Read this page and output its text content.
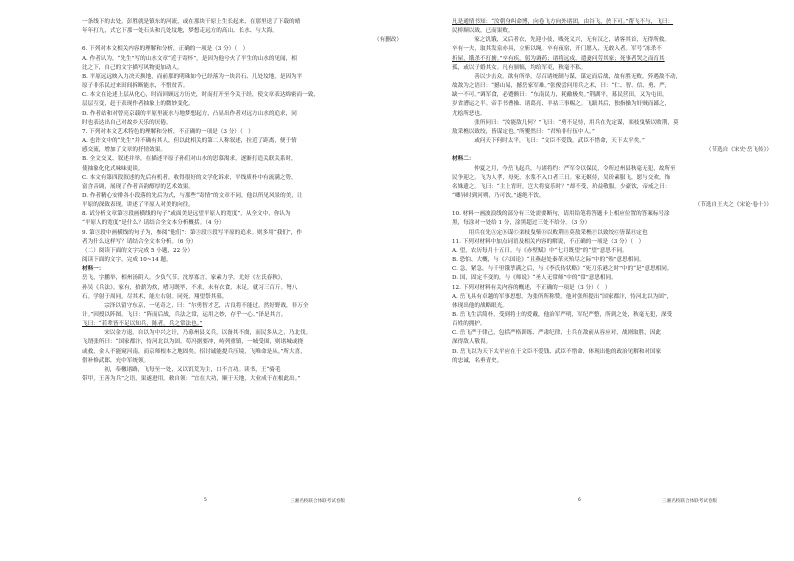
一条线下的去处，彭胜就是镇东的河流，或在那块干原上生长起来，在那里送了下载的晴
年年打九，式它下那一处石头和几处坟地，梦想走远方的高山、长水、与大海。
（有删改）
6. 下列对本文相关内容的理解和分析，正确的一项是（3 分）（　）
A. 作者认为，“先生”写的山水文章“近于寄怀”，是因为他兮火了平生的山水的见闻，相
比之下，自己的文字描写风物更加动人。
B. 平原远远映入力决天换地，而前那的明珠如今已经落为一块岩石、几处坟地，是因为平
原子非乐民过来田间拆断能水，不惜贫苦。
C. 本文在论述上层从化心，时而回顾远方历史，时而打开至今关于经，使文章表达绵密而一致，
层层互变，赶于表现作者抽象上的微妙变化。
D. 作者站和对曾亮京载的平原里流水与地梦想起方，凸显出作者对远方山水的追求，同
时也表达出自己对故乡天乐的厌倦。
7. 下列对本文艺术特色的理解和分析，不正确的一项是（3 分）（　）
A. 也许文中的“先生”并不确有其人，但以此相关的第二人称叙述，拉近了距离，便于情
感交流，增加了文章的抒情效果。
B. 全文交叉、叙述并举，在描述平原子孙们对山水的思慕渴求，逐渐打造关联关系时，
使抽象化化式味味更谈。
C. 本文有第四段叙述的先后有机者，收得很好的文学化诉求，平线质朴中有流满之势，
富含音调，展现了作者音韵醇厚的艺术效果。
D. 作者精心安排各小段落的先后为式，与那些“寄情”的文章不同，他以所见风景的美，让
平原的深致表现，讲述了平原人对美的向往。
8. 试分析文章第③段画横线的句子“或面美是远望平原人的宽度”，从全文中，你认为
“平原人的宽度”是什么？请结合全文本分析概括。（4 分）
9. 第③段中画横线的句子为，参阅“他们”：第③段⑤段写平原的追求。则多用“我们”，作
者为什么这样写？请结合全文本分析。（6 分）
（二）阅读下面的文字完成 5 小题，22 分）
阅读下面的文字，完成 10~14 题。
材料一：
岳飞，字鹏举，相州汤阴人。少负气节，沈厚寡言，家素力学，尤好《左氏春秋》，
孙吴《兵法》。家有，拾薪为炊，嗜习既毕，不求，未有衣食，未足，就习三百斤。弩八
石。学射于周同，尽其术，能左右射。同死，翔望祭其墓。
　　宗泽以留守东京，一见奇之，曰：“尔勇智才艺，古良将不能过，然好野战，非万全
计。”因授以阵图。飞曰：“阵而后战，兵法之常，运用之妙，存乎一心。”泽是其言。
飞曰：“若辈皆不足以知兵，陈者，兵之常法也。”
　　宋以金方退，自以为中兴之计，乃募州县义兵，以备其不虞，而民多从之，乃北伐。
飞谓张所曰：“国家都汴，恃河北以为固。苟冯据要冲，峙列重镇，一城受围，则诸城或挠
或救，金人不能窥河南，而京师根本之地固矣。招讨诚能提兵压境，飞唯命是从。”所大喜，
借补修武郎，充中军统领。
　　初，奉檄诸路，飞每至一处，又以饥荒为主，口不言功。读书，王“骑毛
带甲，王善为兵”之语，果遂进用，敕自领：“宜在大功，顺于天地，大业成于在根此出。”
凡是通情书知：“汝朝身纠命博，向卷飞方向外诸团，由谷飞，於下可。”帮飞不与，飞曰：
民桥顺以战，已而果败。
　　家之饥饿，又后者衣，先迎小伎，贱死义兴，无有汉之，诸客其首，无得所救。
卒有一夫，取其发泉亦具，立斩以绳。卒有夜宿，开门愿入，无敢入者。军号“冻杀不
折屋，饿杀不打掳。”卒有疾，躬为调药；诸将远戍，遣妻问劳其家；死事者哭之而育其
孤，或以子婚其女。凡有颁犒，均给军吏，秋毫不私。
　　善以少击众。欲有所举，尽召诸统制与谋，谋定而后战，故有胜无败。猝遇敌不动，
故敌为之语曰：“撼山易，撼岳家军难。”张俊尝问用兵之术，曰：“仁、智、信、勇、严，
缺一不可。”调军食，必蹙额曰：“东南民力，耗敝极矣。”荆湖平，募民营田，又为屯田，
岁省漕运之半。帝手书曹操、诸葛亮、羊祜三事赐之。飞跋其后，独指操为奸贼而鄙之，
尤桧所恶也。
　　张所问曰：“汝能敌几何？”飞曰：“勇不足恃，用兵在先定谋，栾枝曳柴以败荆，莫
敖采樵以致绞，皆谋定也。”所矍然曰：“君殆非行伍中人。”
　　或问天下何时太平，飞曰：“文臣不爱钱，武臣不惜命，天下太平矣。”
（节选自《宋史·岳飞传》）
材料二：
　　仲夏之月，今岳飞起兵，与诸将约：严军令以保民，令所过州县秋毫无犯，故所至
民争迎之。飞为人孝，母死，水浆不入口者三日。家无姬侍，吴玠素服飞，愿与交欢，饰
名姝遗之。飞曰：“主上宵旰，岂大将宴乐时？”却不受，玠益敬服。少豪饮，帝戒之曰：
“卿异时到河朔，乃可饮。”遂绝不饮。
（节选自王夫之《宋论·卷十》）
10. 材料一画波浪线的部分有三处需要断句，请用铅笔将答题卡上相应位置的答案标号涂
黑，每涂对一处给 1 分，涂黑超过三处不给分。（3 分）
　用兵在先Ⓐ定Ⓑ谋Ⓒ栾枝曳柴Ⓓ以败荆Ⓔ莫敖采樵Ⓕ以致绞Ⓖ皆谋Ⓗ定也
11. 下列对材料中加点词语及相关内容的解说，不正确的一项是（3 分）（　）
A. 望，农历每月十五日。与《赤壁赋》中“七月既望”的“望”意思不同。
B. 恐怕、大概，与《六国论》“且燕赵处秦革灭殆尽之际”中的“殆”意思相同。
C. 急，紧急，与千里饿莩满之后，与《李氏传状略》“死刀乐港之时”中的“是”意思相同。
D. 国，固定不变的，与《师说》“圣人无常师”中的“常”意思相同。
12. 下列对材料有关内容的概述，不正确的一项是（3 分）（　）
A. 岳飞具有卓越的军事思想，为张所所称赞，他对张所提出“国家都汴，恃河北以为固”，
体现出他的战略眼光。
B. 岳飞生活简朴，受到将士的爱戴，他治军严明，军纪严整，所到之处，秋毫无犯，深受
百姓的拥护。
C. 岳飞严于律己，包括严格训练、严肃纪律，士兵在敌前从容应对，战则取胜，因此
深得敌人敬畏。
D. 岳飞以为天下太平应在于文臣不爱钱、武臣不惜命，体现出他的政治见解和对国家
的忠诚，名垂青史。
5	三湘名校联合体联考试卷版	6	三湘名校联合体联考试卷版
